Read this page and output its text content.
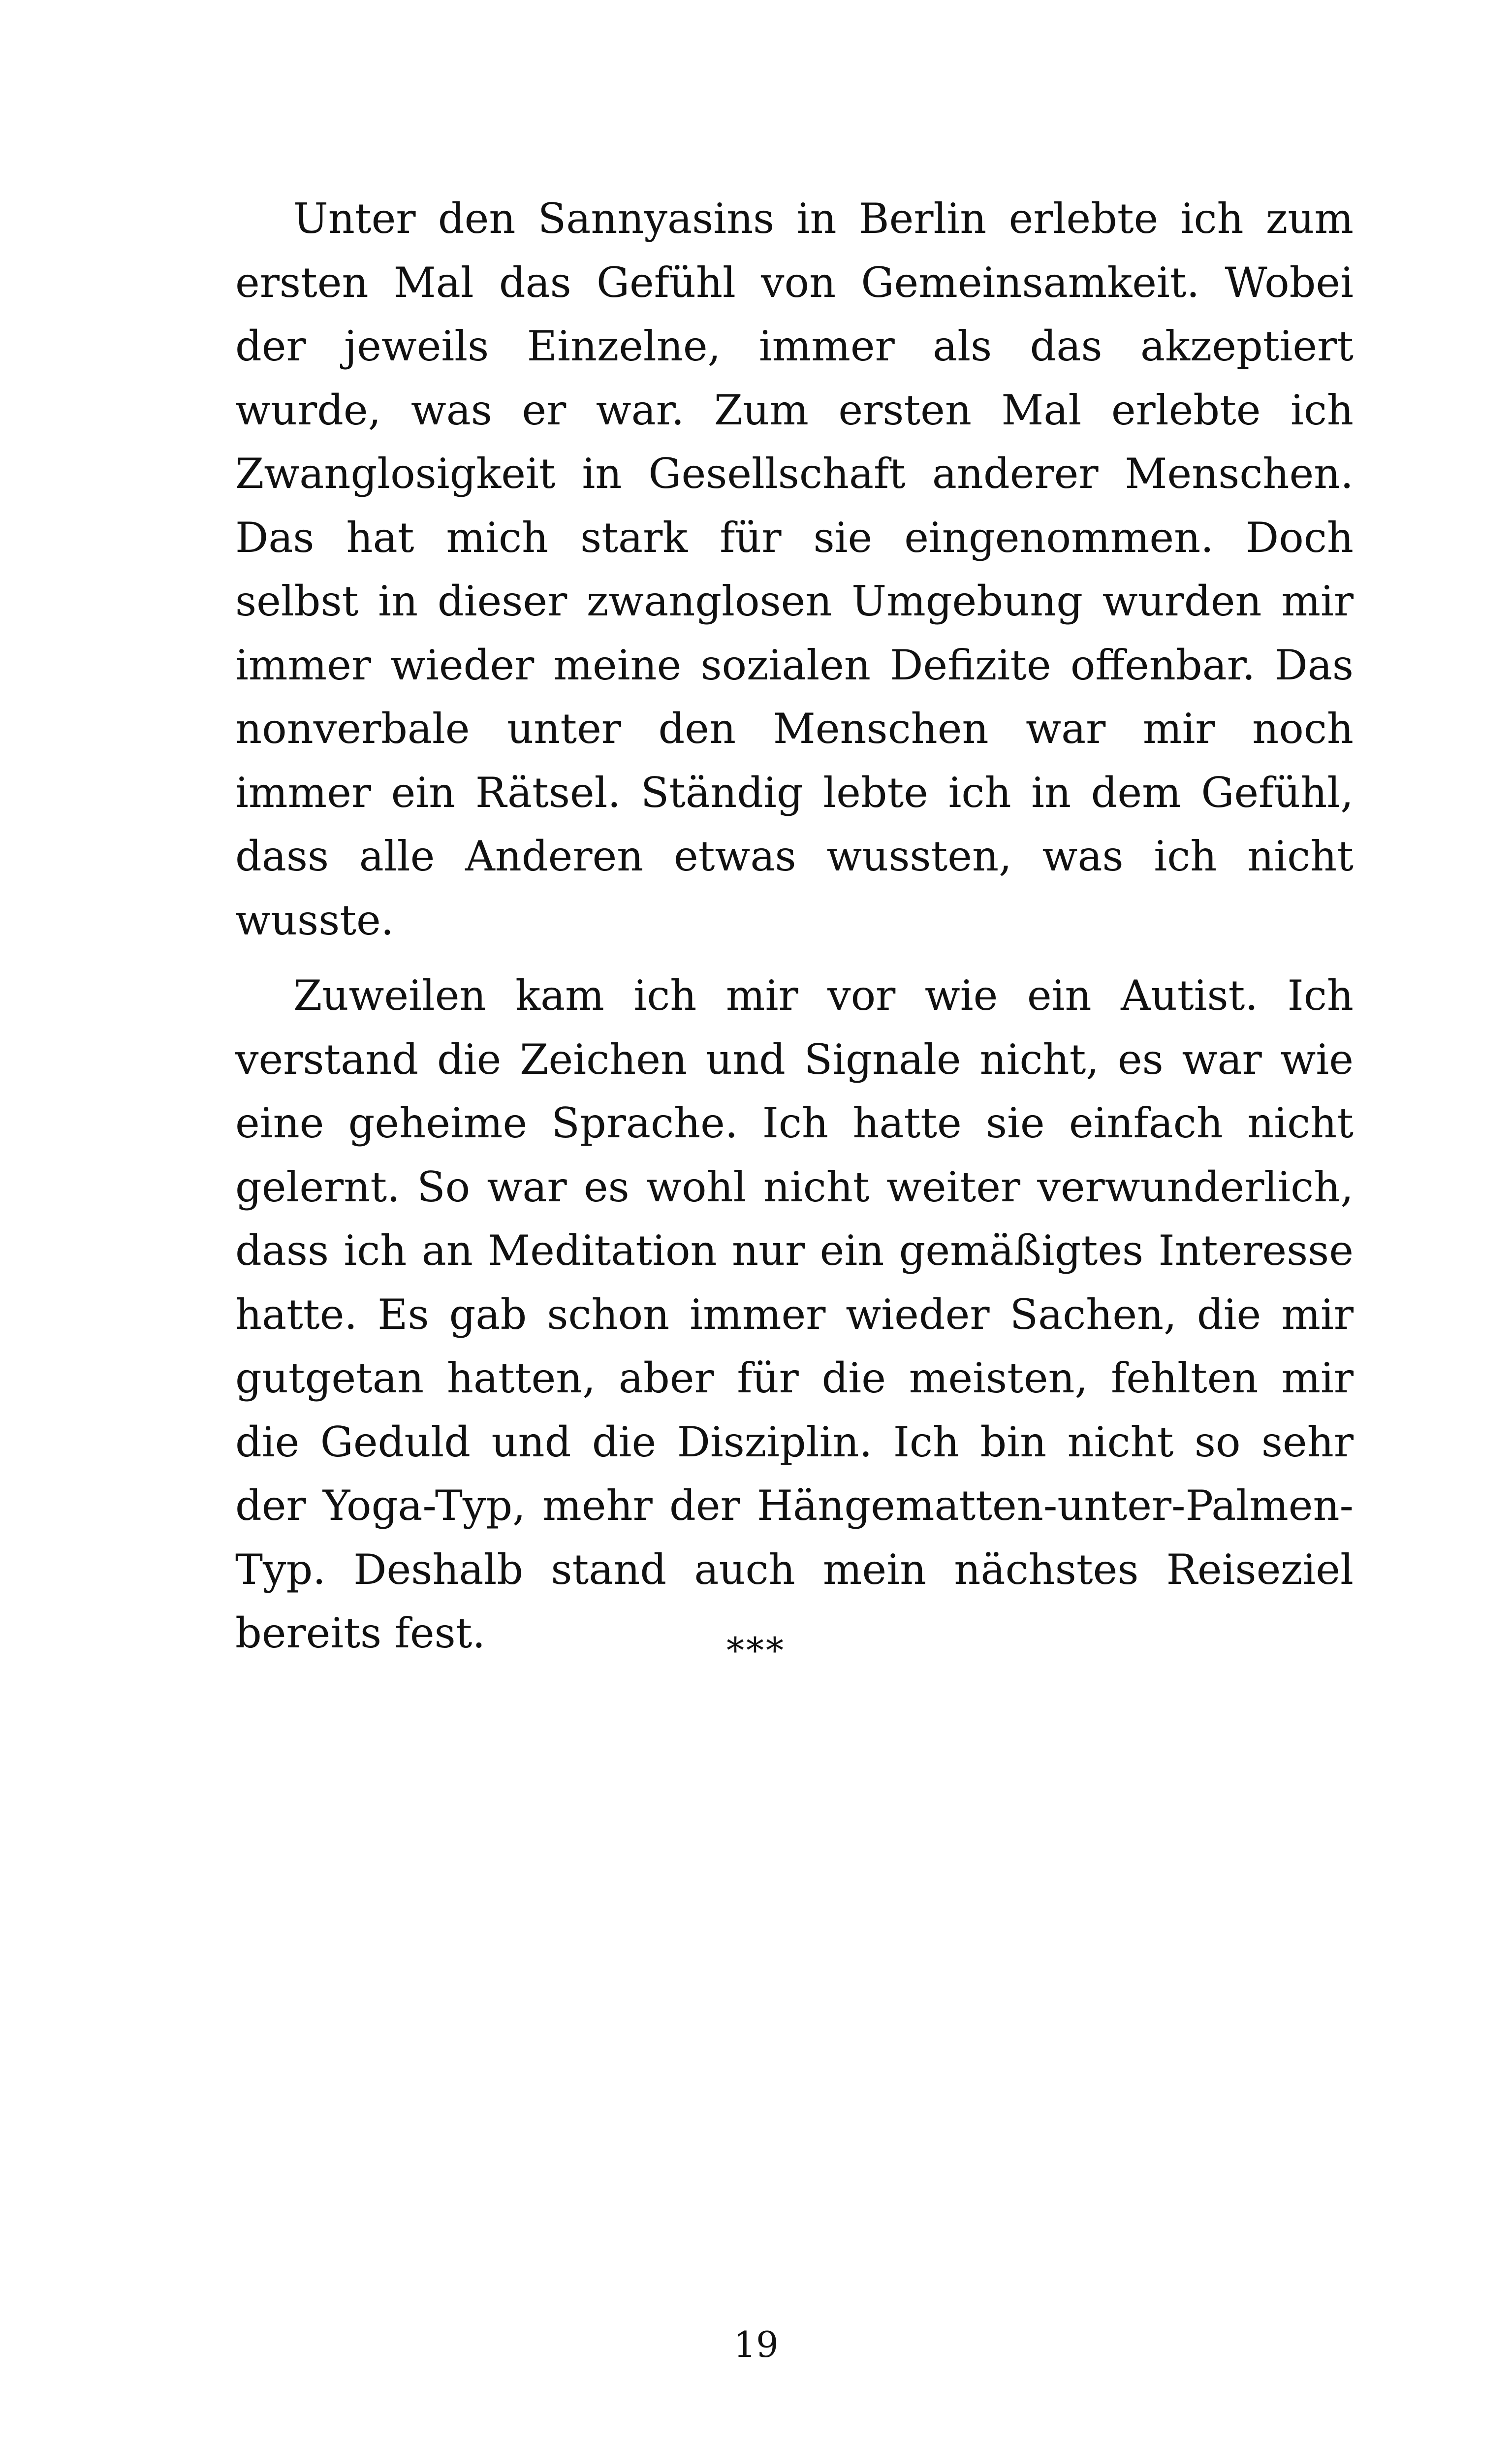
Unter den Sannyasins in Berlin erlebte ich zum ersten Mal das Gefühl von Gemeinsamkeit. Wobei der jeweils Einzelne, immer als das akzeptiert wurde, was er war. Zum ersten Mal erlebte ich Zwanglosigkeit in Gesellschaft anderer Menschen. Das hat mich stark für sie eingenommen. Doch selbst in dieser zwanglosen Umgebung wurden mir immer wieder meine sozialen Defizite offenbar. Das nonverbale unter den Menschen war mir noch immer ein Rätsel. Ständig lebte ich in dem Gefühl, dass alle Anderen etwas wussten, was ich nicht wusste.

Zuweilen kam ich mir vor wie ein Autist. Ich verstand die Zeichen und Signale nicht, es war wie eine geheime Sprache. Ich hatte sie einfach nicht gelernt. So war es wohl nicht weiter verwunderlich, dass ich an Meditation nur ein gemäßigtes Interesse hatte. Es gab schon immer wieder Sachen, die mir gutgetan hatten, aber für die meisten, fehlten mir die Geduld und die Disziplin. Ich bin nicht so sehr der Yoga-Typ, mehr der Hängematten-unter-Palmen-Typ. Deshalb stand auch mein nächstes Reiseziel bereits fest.	***
19
